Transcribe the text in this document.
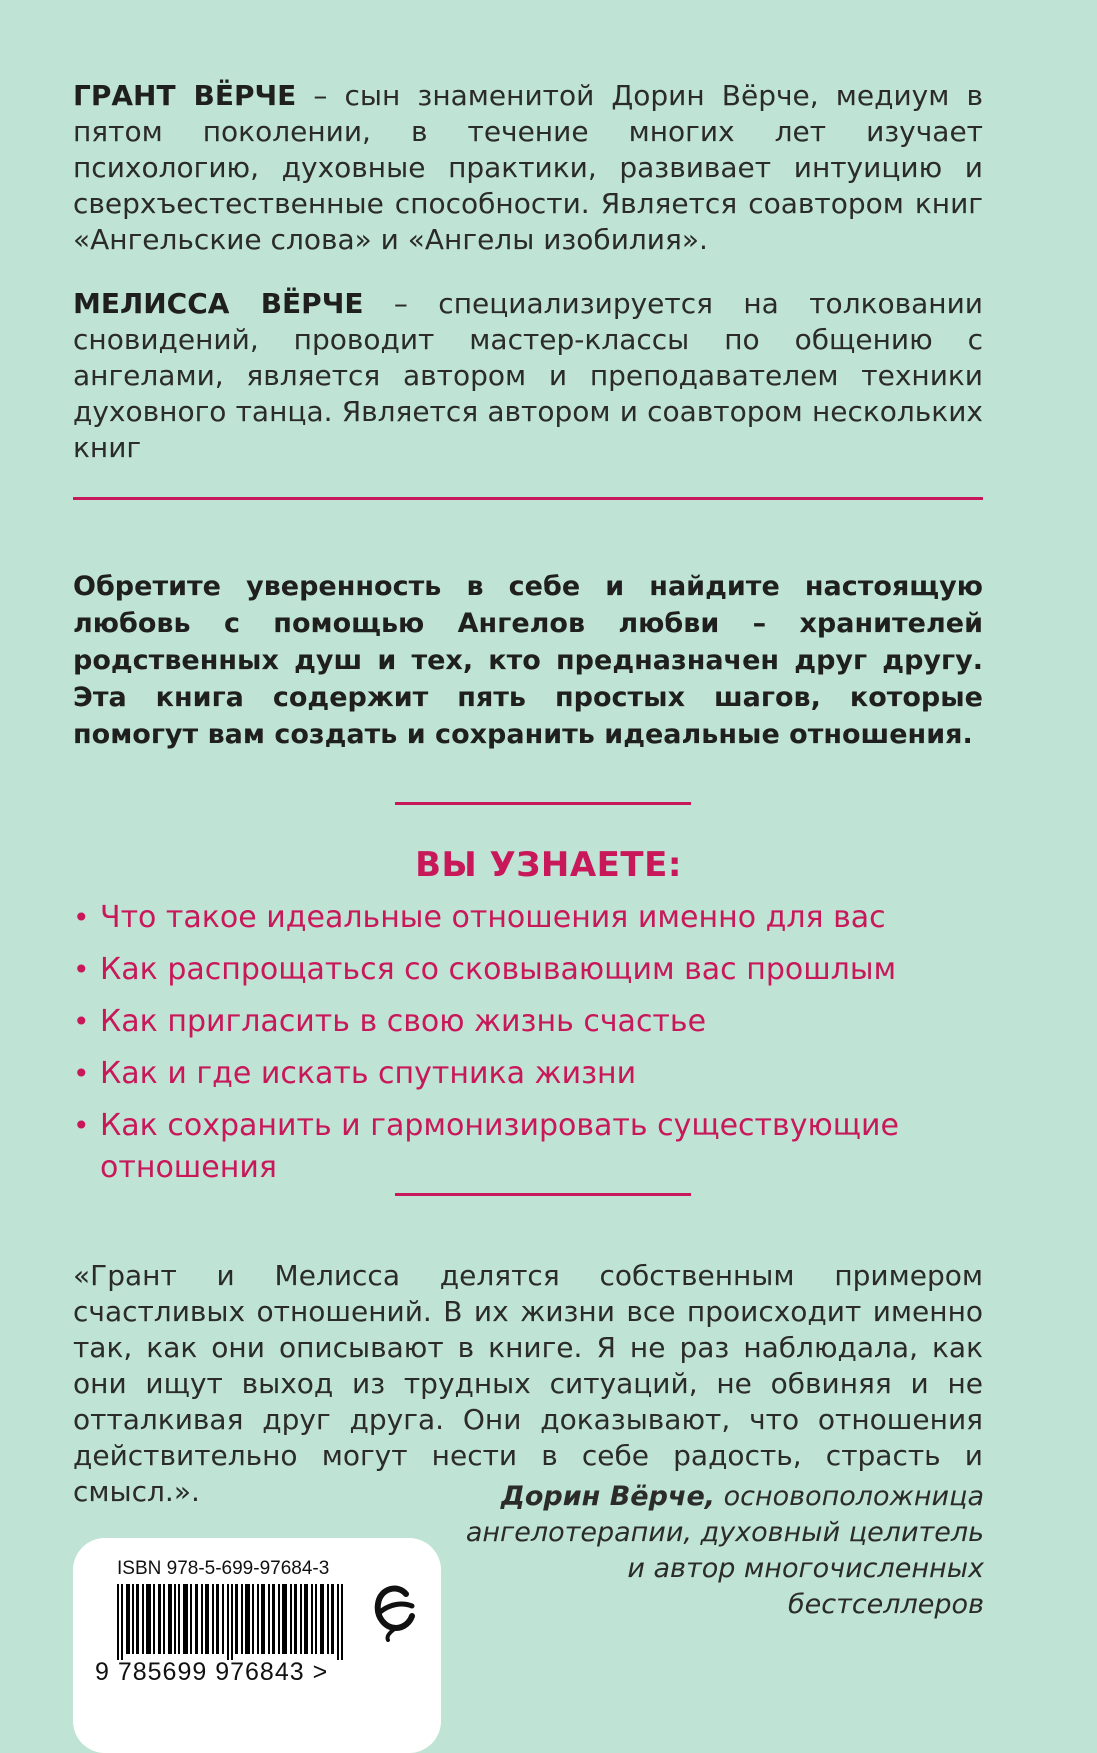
ГРАНТ ВЁРЧЕ – сын знаменитой Дорин Вёрче, медиум в пятом поколении, в течение многих лет изучает психологию, духовные практики, развивает интуицию и сверхъестественные способности. Является соавтором книг «Ангельские слова» и «Ангелы изобилия».

МЕЛИССА ВЁРЧЕ – специализируется на толковании сновидений, проводит мастер-классы по общению с ангелами, является автором и преподавателем техники духовного танца. Является автором и соавтором нескольких книг

Обретите уверенность в себе и найдите настоящую любовь с помощью Ангелов любви – хранителей родственных душ и тех, кто предназначен друг другу. Эта книга содержит пять простых шагов, которые помогут вам создать и сохранить идеальные отношения.

ВЫ УЗНАЕТЕ:
• Что такое идеальные отношения именно для вас
• Как распрощаться со сковывающим вас прошлым
• Как пригласить в свою жизнь счастье
• Как и где искать спутника жизни
• Как сохранить и гармонизировать существующие отношения

«Грант и Мелисса делятся собственным примером счастливых отношений. В их жизни все происходит именно так, как они описывают в книге. Я не раз наблюдала, как они ищут выход из трудных ситуаций, не обвиняя и не отталкивая друг друга. Они доказывают, что отношения действительно могут нести в себе радость, страсть и смысл.».	Дорин Вёрче, основоположница ангелотерапии, духовный целитель и автор многочисленных бестселлеров

ISBN 978-5-699-97684-3
9 785699 976843 >
